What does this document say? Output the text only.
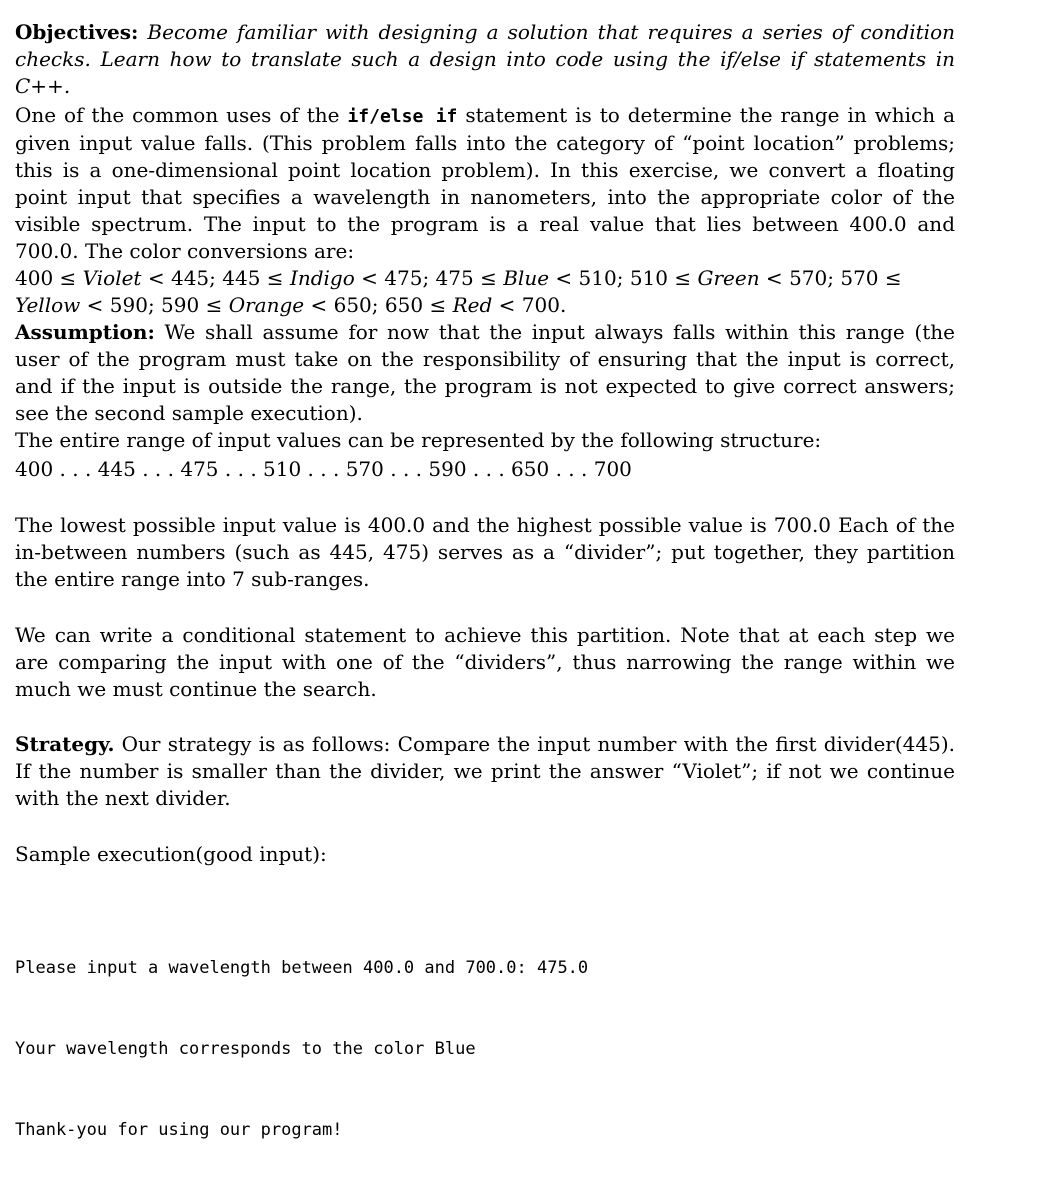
Objectives: Become familiar with designing a solution that requires a series of condition checks. Learn how to translate such a design into code using the if/else if statements in C++.

One of the common uses of the if/else if statement is to determine the range in which a given input value falls. (This problem falls into the category of “point location” problems; this is a one-dimensional point location problem). In this exercise, we convert a floating point input that specifies a wavelength in nanometers, into the appropriate color of the visible spectrum. The input to the program is a real value that lies between 400.0 and 700.0. The color conversions are:

400 ≤ Violet < 445; 445 ≤ Indigo < 475; 475 ≤ Blue < 510; 510 ≤ Green < 570; 570 ≤ Yellow < 590; 590 ≤ Orange < 650; 650 ≤ Red < 700.

Assumption: We shall assume for now that the input always falls within this range (the user of the program must take on the responsibility of ensuring that the input is correct, and if the input is outside the range, the program is not expected to give correct answers; see the second sample execution).

The entire range of input values can be represented by the following structure:

400 . . . 445 . . . 475 . . . 510 . . . 570 . . . 590 . . . 650 . . . 700

The lowest possible input value is 400.0 and the highest possible value is 700.0 Each of the in-between numbers (such as 445, 475) serves as a “divider”; put together, they partition the entire range into 7 sub-ranges.

We can write a conditional statement to achieve this partition. Note that at each step we are comparing the input with one of the “dividers”, thus narrowing the range within we much we must continue the search.

Strategy. Our strategy is as follows: Compare the input number with the first divider(445). If the number is smaller than the divider, we print the answer “Violet”; if not we continue with the next divider.

Sample execution(good input):

Please input a wavelength between 400.0 and 700.0: 475.0

Your wavelength corresponds to the color Blue

Thank-you for using our program!
